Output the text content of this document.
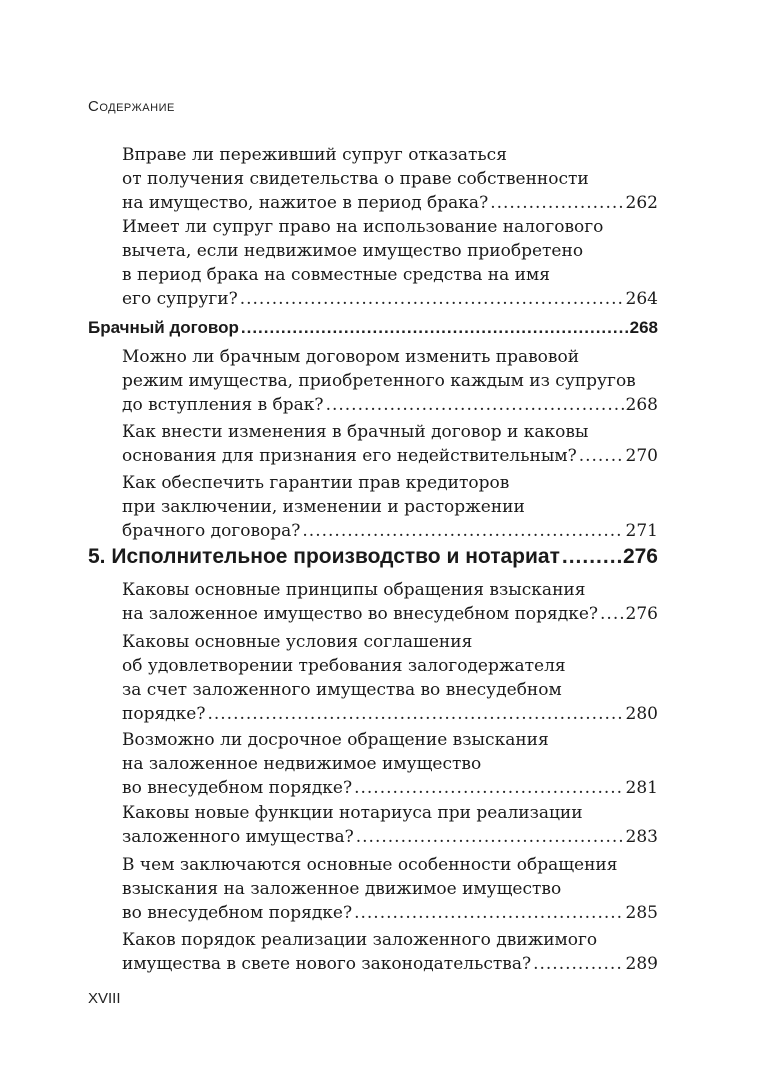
Содержание
Вправе ли переживший супруг отказаться
от получения свидетельства о праве собственности
на имущество, нажитое в период брака? .....	262
Имеет ли супруг право на использование налогового
вычета, если недвижимое имущество приобретено
в период брака на совместные средства на имя
его супруги? .....	264
Брачный договор .....	268
Можно ли брачным договором изменить правовой
режим имущества, приобретенного каждым из супругов
до вступления в брак? .....	268
Как внести изменения в брачный договор и каковы
основания для признания его недействительным? .....	270
Как обеспечить гарантии прав кредиторов
при заключении, изменении и расторжении
брачного договора? .....	271
5. Исполнительное производство и нотариат .....	276
Каковы основные принципы обращения взыскания
на заложенное имущество во внесудебном порядке? ..... 276
Каковы основные условия соглашения
об удовлетворении требования залогодержателя
за счет заложенного имущества во внесудебном
порядке? .....	280
Возможно ли досрочное обращение взыскания
на заложенное недвижимое имущество
во внесудебном порядке? .....	281
Каковы новые функции нотариуса при реализации
заложенного имущества? .....	283
В чем заключаются основные особенности обращения
взыскания на заложенное движимое имущество
во внесудебном порядке? .....	285
Каков порядок реализации заложенного движимого
имущества в свете нового законодательства? .....	289
XVIII
